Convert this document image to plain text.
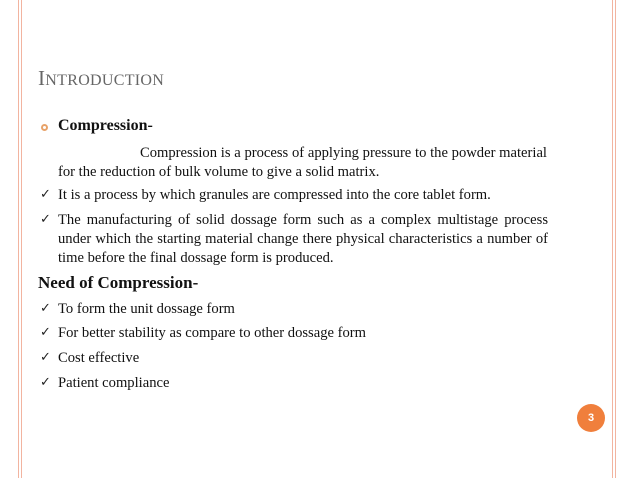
INTRODUCTION
Compression-
Compression is a process of applying pressure to the powder material for the reduction of bulk volume to give a solid matrix.
✓ It is a process by which granules are compressed into the core tablet form.
✓ The manufacturing of solid dossage form such as a complex multistage process under which the starting material change there physical characteristics a number of time before the final dossage form is produced.
Need of Compression-
✓ To form the unit dossage form
✓ For better stability as compare to other dossage form
✓ Cost effective
✓ Patient compliance
3
